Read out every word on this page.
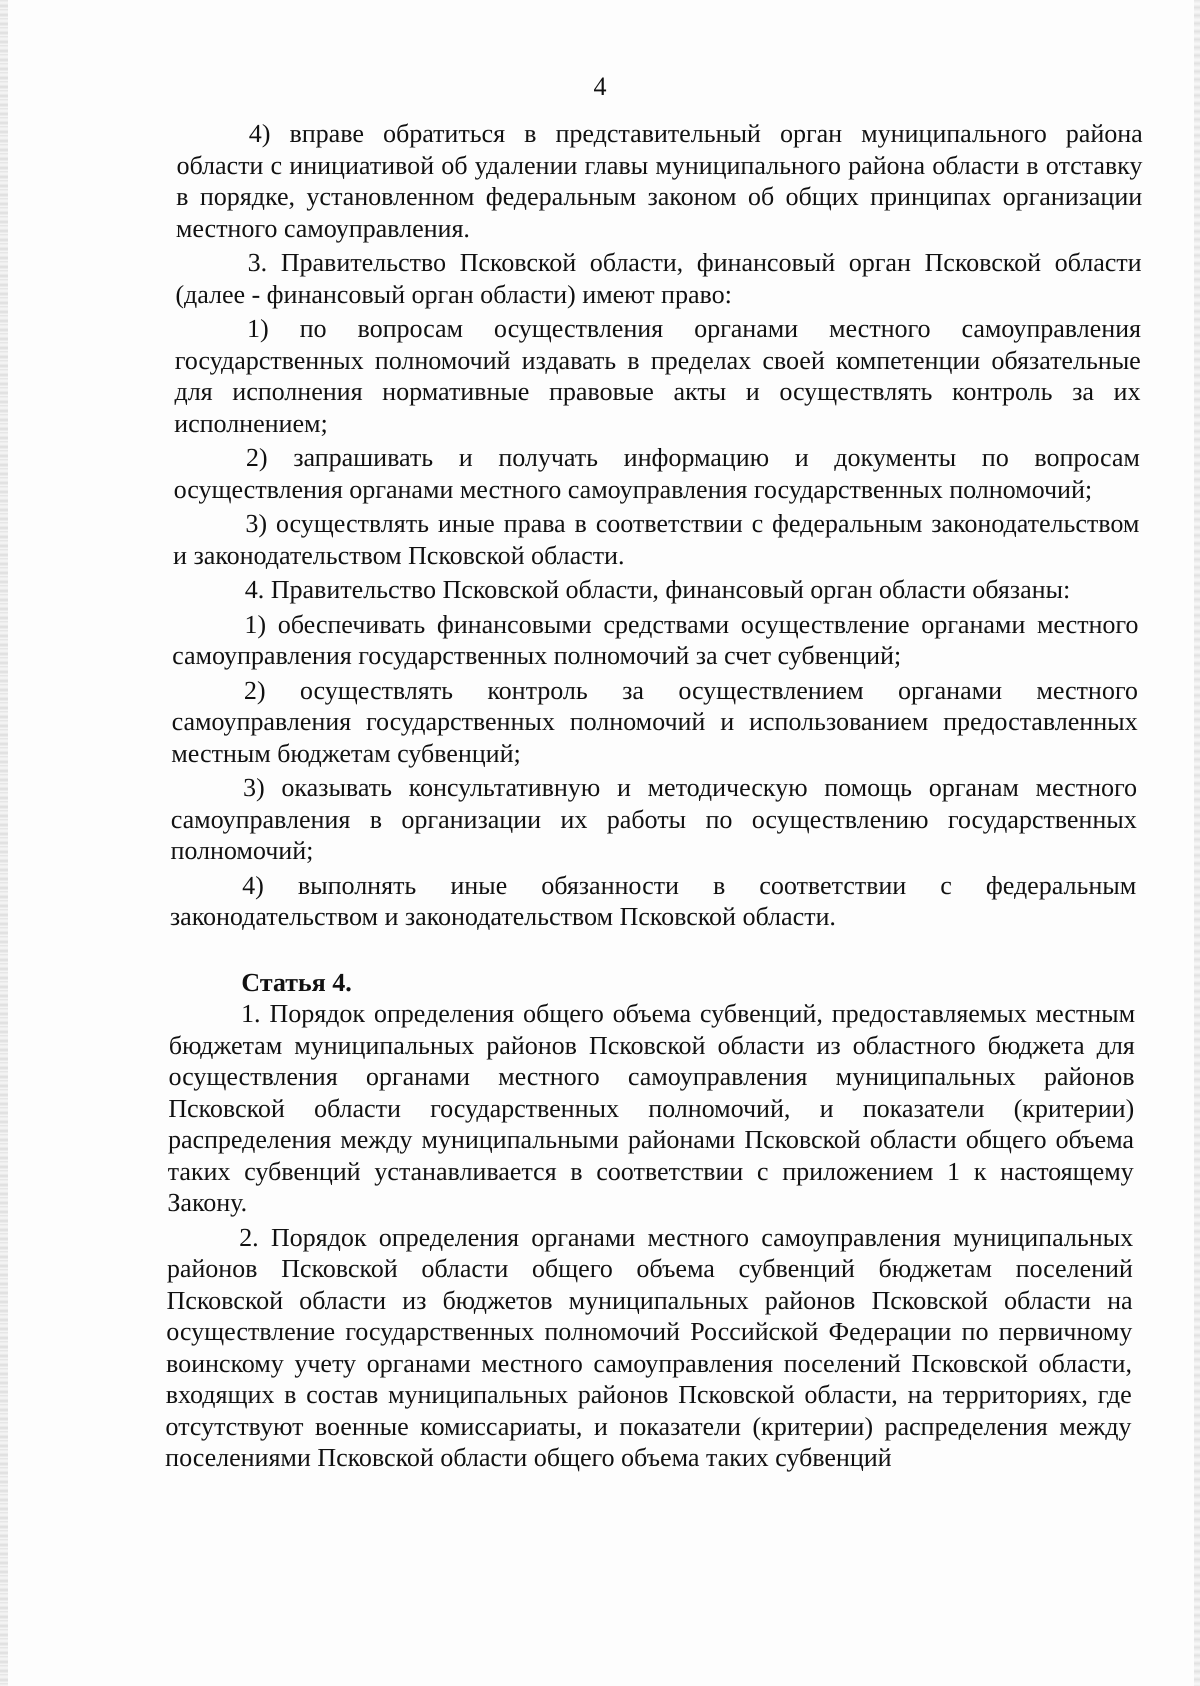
4

4) вправе обратиться в представительный орган муниципального района области с инициативой об удалении главы муниципального района области в отставку в порядке, установленном федеральным законом об общих принципах организации местного самоуправления.

3. Правительство Псковской области, финансовый орган Псковской области (далее - финансовый орган области) имеют право:

1) по вопросам осуществления органами местного самоуправления государственных полномочий издавать в пределах своей компетенции обязательные для исполнения нормативные правовые акты и осуществлять контроль за их исполнением;

2) запрашивать и получать информацию и документы по вопросам осуществления органами местного самоуправления государственных полномочий;

3) осуществлять иные права в соответствии с федеральным законодательством и законодательством Псковской области.

4. Правительство Псковской области, финансовый орган области обязаны:

1) обеспечивать финансовыми средствами осуществление органами местного самоуправления государственных полномочий за счет субвенций;

2) осуществлять контроль за осуществлением органами местного самоуправления государственных полномочий и использованием предоставленных местным бюджетам субвенций;

3) оказывать консультативную и методическую помощь органам местного самоуправления в организации их работы по осуществлению государственных полномочий;

4) выполнять иные обязанности в соответствии с федеральным законодательством и законодательством Псковской области.

Статья 4.

1. Порядок определения общего объема субвенций, предоставляемых местным бюджетам муниципальных районов Псковской области из областного бюджета для осуществления органами местного самоуправления муниципальных районов Псковской области государственных полномочий, и показатели (критерии) распределения между муниципальными районами Псковской области общего объема таких субвенций устанавливается в соответствии с приложением 1 к настоящему Закону.

2. Порядок определения органами местного самоуправления муниципальных районов Псковской области общего объема субвенций бюджетам поселений Псковской области из бюджетов муниципальных районов Псковской области на осуществление государственных полномочий Российской Федерации по первичному воинскому учету органами местного самоуправления поселений Псковской области, входящих в состав муниципальных районов Псковской области, на территориях, где отсутствуют военные комиссариаты, и показатели (критерии) распределения между поселениями Псковской области общего объема таких субвенций
